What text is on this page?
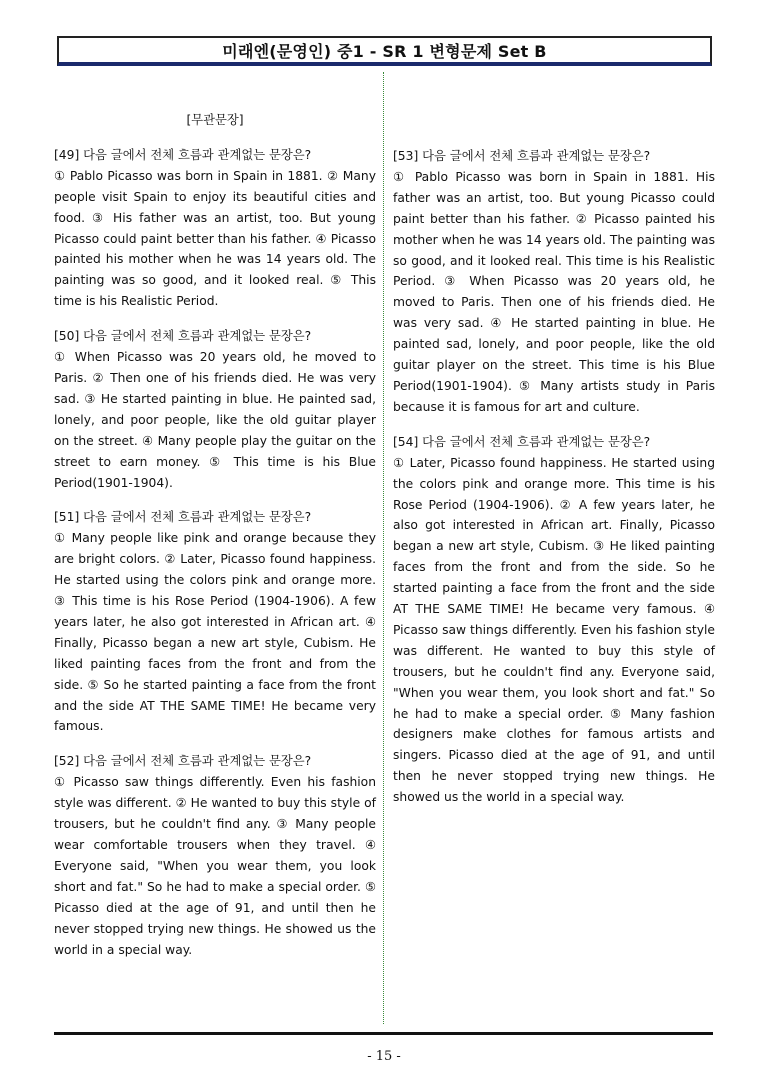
미래엔(문영인) 중1 - SR 1 변형문제 Set B

[무관문장]

[49] 다음 글에서 전체 흐름과 관계없는 문장은?

① Pablo Picasso was born in Spain in 1881. ② Many people visit Spain to enjoy its beautiful cities and food. ③ His father was an artist, too. But young Picasso could paint better than his father. ④ Picasso painted his mother when he was 14 years old. The painting was so good, and it looked real. ⑤ This time is his Realistic Period.

[50] 다음 글에서 전체 흐름과 관계없는 문장은?

① When Picasso was 20 years old, he moved to Paris. ② Then one of his friends died. He was very sad. ③ He started painting in blue. He painted sad, lonely, and poor people, like the old guitar player on the street. ④ Many people play the guitar on the street to earn money. ⑤ This time is his Blue Period(1901-1904).

[51] 다음 글에서 전체 흐름과 관계없는 문장은?

① Many people like pink and orange because they are bright colors. ② Later, Picasso found happiness. He started using the colors pink and orange more. ③ This time is his Rose Period (1904-1906). A few years later, he also got interested in African art. ④ Finally, Picasso began a new art style, Cubism. He liked painting faces from the front and from the side. ⑤ So he started painting a face from the front and the side AT THE SAME TIME! He became very famous.

[52] 다음 글에서 전체 흐름과 관계없는 문장은?

① Picasso saw things differently. Even his fashion style was different. ② He wanted to buy this style of trousers, but he couldn't find any. ③ Many people wear comfortable trousers when they travel. ④ Everyone said, "When you wear them, you look short and fat." So he had to make a special order. ⑤ Picasso died at the age of 91, and until then he never stopped trying new things. He showed us the world in a special way.

[53] 다음 글에서 전체 흐름과 관계없는 문장은?

① Pablo Picasso was born in Spain in 1881. His father was an artist, too. But young Picasso could paint better than his father. ② Picasso painted his mother when he was 14 years old. The painting was so good, and it looked real. This time is his Realistic Period. ③ When Picasso was 20 years old, he moved to Paris. Then one of his friends died. He was very sad. ④ He started painting in blue. He painted sad, lonely, and poor people, like the old guitar player on the street. This time is his Blue Period(1901-1904). ⑤ Many artists study in Paris because it is famous for art and culture.

[54] 다음 글에서 전체 흐름과 관계없는 문장은?

① Later, Picasso found happiness. He started using the colors pink and orange more. This time is his Rose Period (1904-1906). ② A few years later, he also got interested in African art. Finally, Picasso began a new art style, Cubism. ③ He liked painting faces from the front and from the side. So he started painting a face from the front and the side AT THE SAME TIME! He became very famous. ④ Picasso saw things differently. Even his fashion style was different. He wanted to buy this style of trousers, but he couldn't find any. Everyone said, "When you wear them, you look short and fat." So he had to make a special order. ⑤ Many fashion designers make clothes for famous artists and singers. Picasso died at the age of 91, and until then he never stopped trying new things. He showed us the world in a special way.

- 15 -
